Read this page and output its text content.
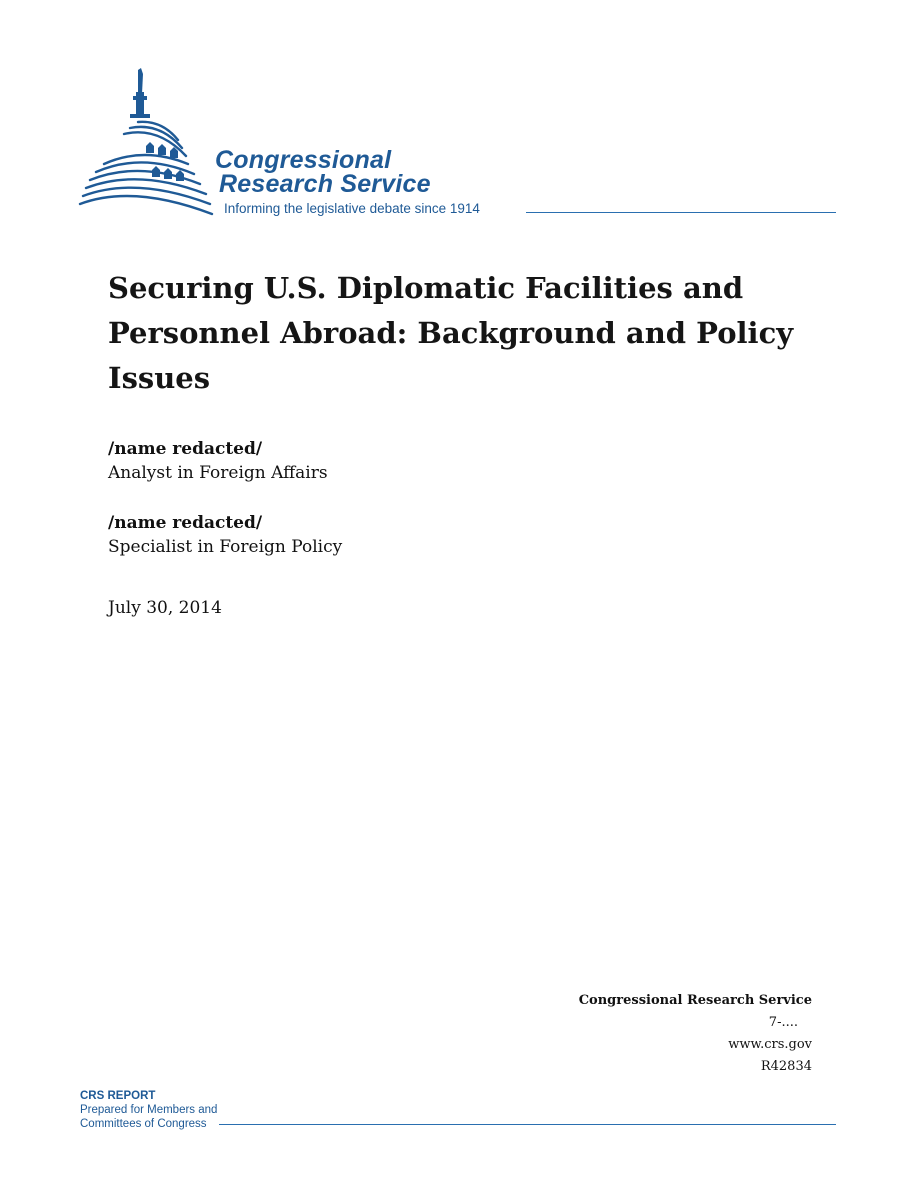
Congressional
Research Service
Informing the legislative debate since 1914
Securing U.S. Diplomatic Facilities and Personnel Abroad: Background and Policy Issues
/name redacted/
Analyst in Foreign Affairs
/name redacted/
Specialist in Foreign Policy
July 30, 2014
Congressional Research Service
7-....
www.crs.gov
R42834
CRS REPORT
Prepared for Members and
Committees of Congress
